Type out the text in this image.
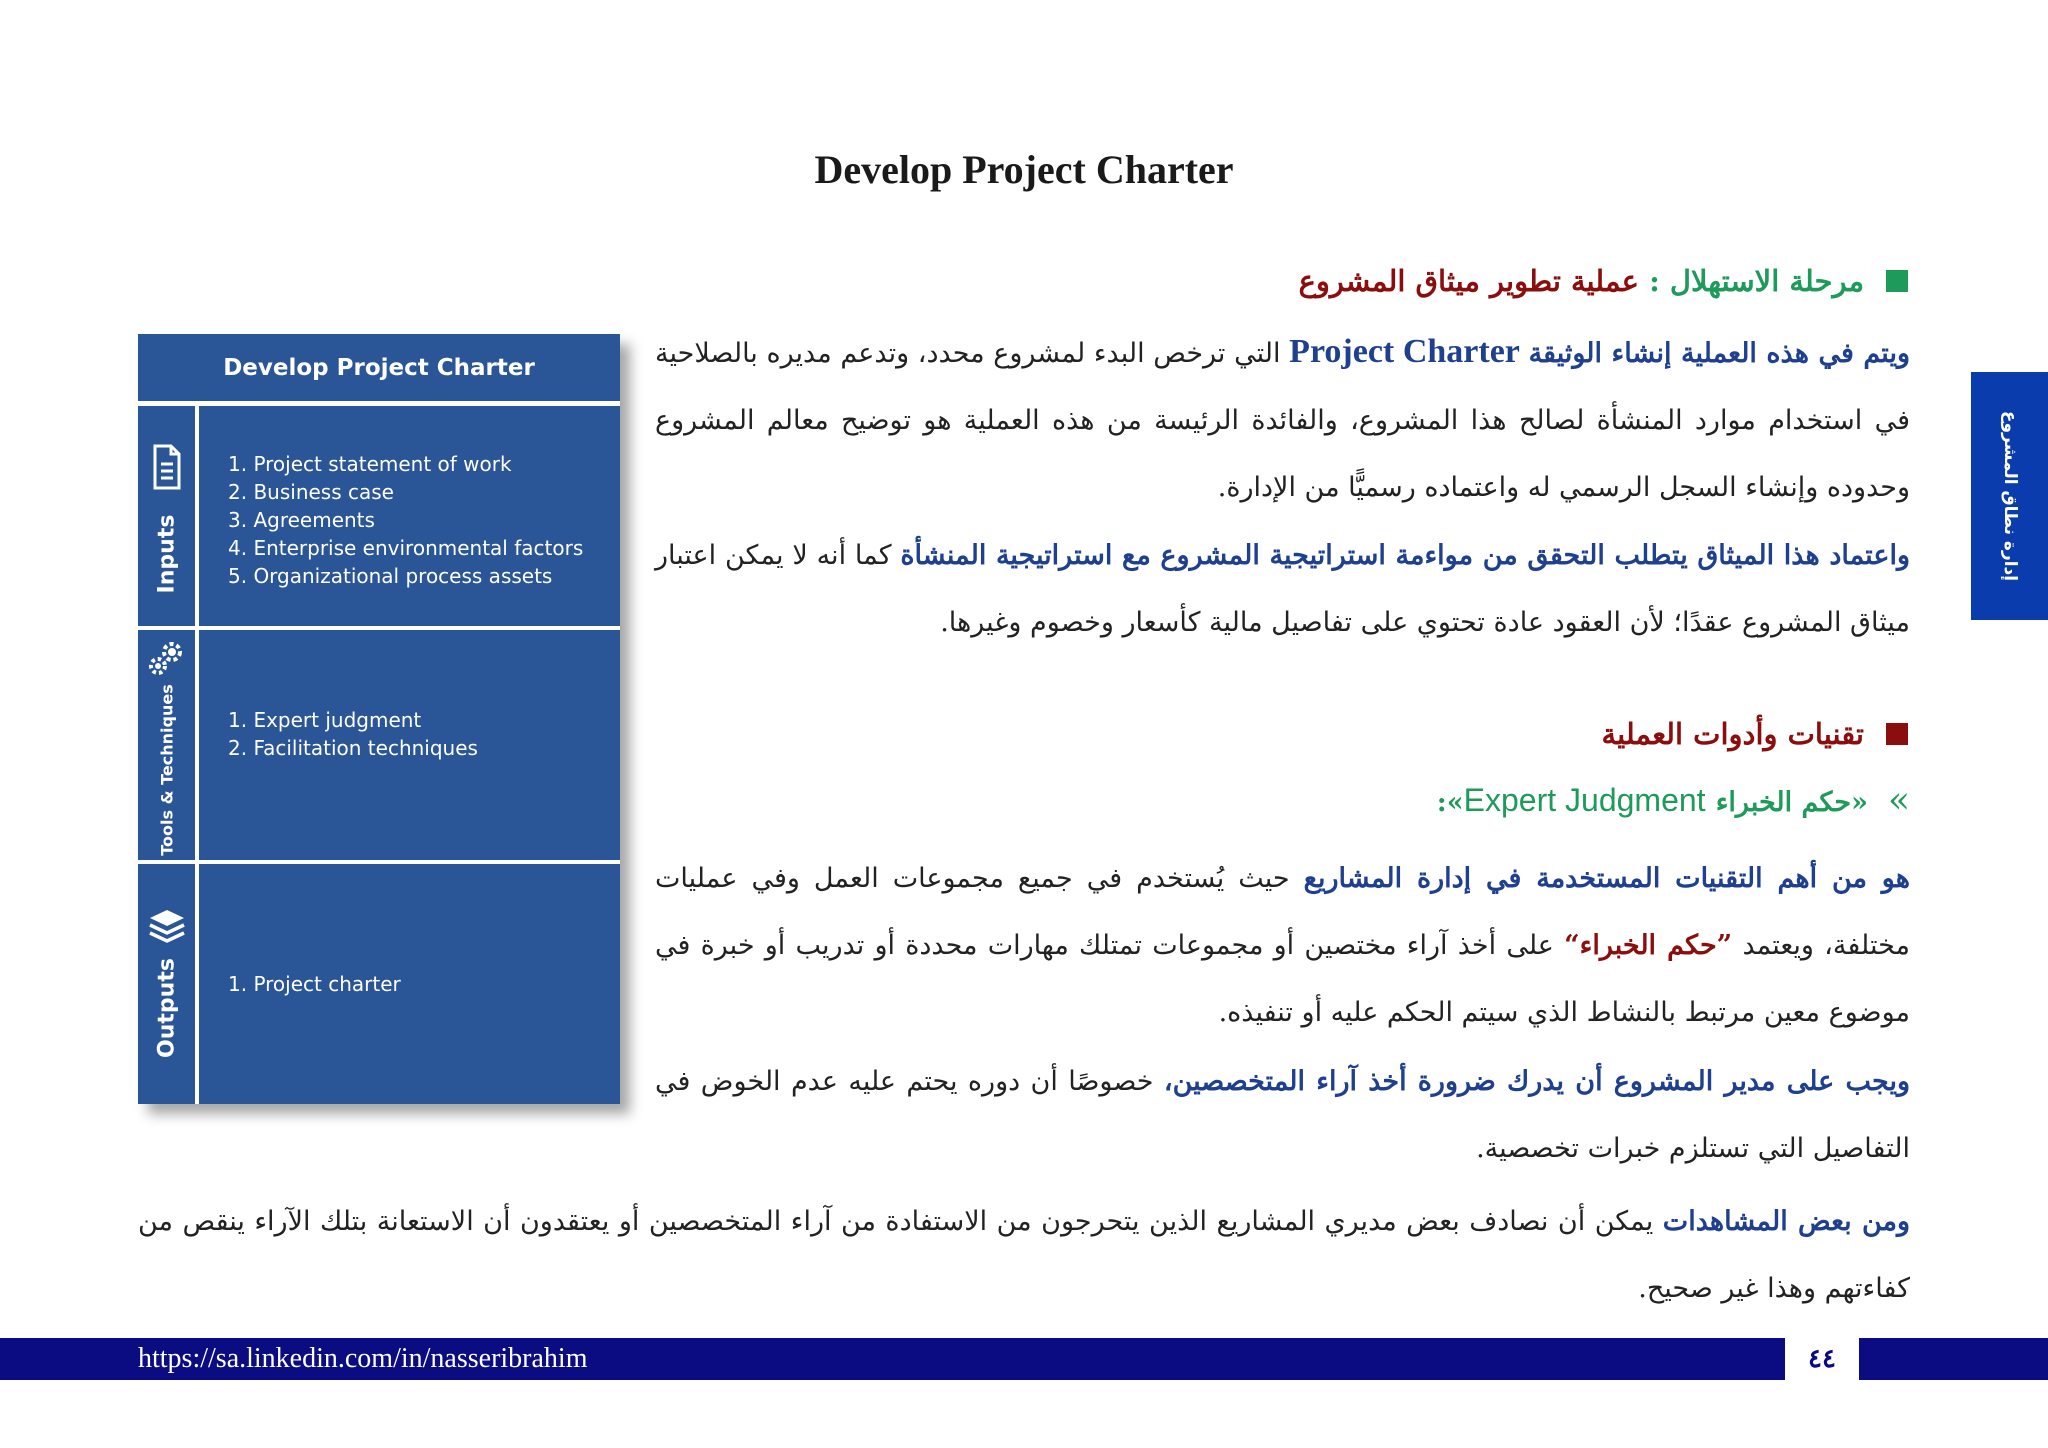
Develop Project Charter
إدارة نطاق المشروع
Develop Project Charter
Inputs
1. Project statement of work
2. Business case
3. Agreements
4. Enterprise environmental factors
5. Organizational process assets
Tools & Techniques	1. Expert judgment
2. Facilitation techniques
Outputs 1. Project charter
مرحلة الاستهلال : عملية تطوير ميثاق المشروع
ويتم في هذه العملية إنشاء الوثيقة Project Charter التي ترخص البدء لمشروع محدد، وتدعم مديره بالصلاحية في استخدام موارد المنشأة لصالح هذا المشروع، والفائدة الرئيسة من هذه العملية هو توضيح معالم المشروع وحدوده وإنشاء السجل الرسمي له واعتماده رسميًّا من الإدارة.
واعتماد هذا الميثاق يتطلب التحقق من مواءمة استراتيجية المشروع مع استراتيجية المنشأة كما أنه لا يمكن اعتبار ميثاق المشروع عقدًا؛ لأن العقود عادة تحتوي على تفاصيل مالية كأسعار وخصوم وغيرها.
تقنيات وأدوات العملية
»
«حكم الخبراء Expert Judgment»:
هو من أهم التقنيات المستخدمة في إدارة المشاريع حيث يُستخدم في جميع مجموعات العمل وفي عمليات مختلفة، ويعتمد ”حكم الخبراء“ على أخذ آراء مختصين أو مجموعات تمتلك مهارات محددة أو تدريب أو خبرة في موضوع معين مرتبط بالنشاط الذي سيتم الحكم عليه أو تنفيذه.
ويجب على مدير المشروع أن يدرك ضرورة أخذ آراء المتخصصين، خصوصًا أن دوره يحتم عليه عدم الخوض في التفاصيل التي تستلزم خبرات تخصصية.
ومن بعض المشاهدات يمكن أن نصادف بعض مديري المشاريع الذين يتحرجون من الاستفادة من آراء المتخصصين أو يعتقدون أن الاستعانة بتلك الآراء ينقص من كفاءتهم وهذا غير صحيح.
https://sa.linkedin.com/in/nasseribrahim	٤٤
